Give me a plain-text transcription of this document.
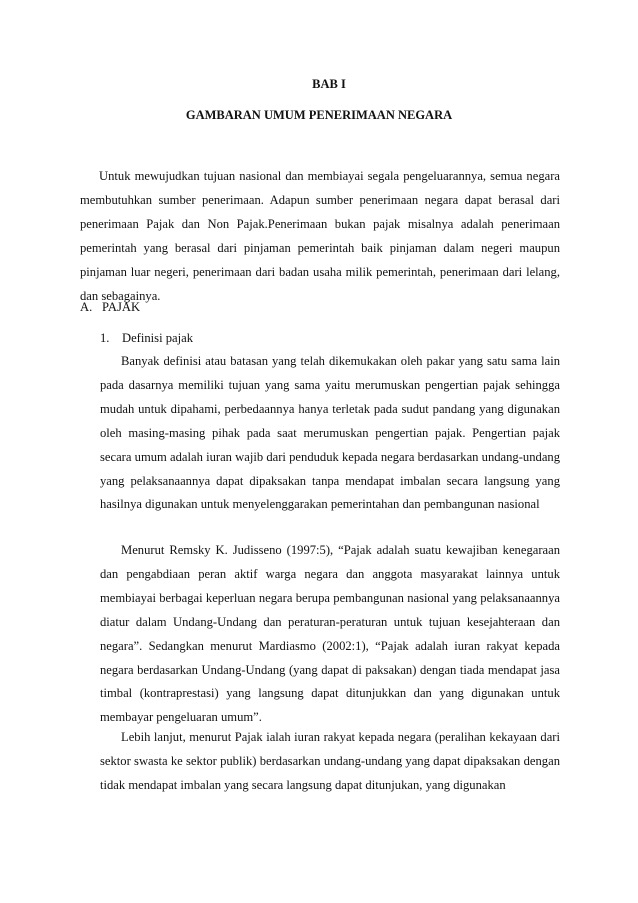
BAB I
GAMBARAN UMUM PENERIMAAN NEGARA

Untuk mewujudkan tujuan nasional dan membiayai segala pengeluarannya, semua negara membutuhkan sumber penerimaan. Adapun sumber penerimaan negara dapat berasal dari penerimaan Pajak dan Non Pajak.Penerimaan bukan pajak misalnya adalah penerimaan pemerintah yang berasal dari pinjaman pemerintah baik pinjaman dalam negeri maupun pinjaman luar negeri, penerimaan dari badan usaha milik pemerintah, penerimaan dari lelang, dan sebagainya.

A. PAJAK
1. Definisi pajak

Banyak definisi atau batasan yang telah dikemukakan oleh pakar yang satu sama lain pada dasarnya memiliki tujuan yang sama yaitu merumuskan pengertian pajak sehingga mudah untuk dipahami, perbedaannya hanya terletak pada sudut pandang yang digunakan oleh masing-masing pihak pada saat merumuskan pengertian pajak. Pengertian pajak secara umum adalah iuran wajib dari penduduk kepada negara berdasarkan undang-undang yang pelaksanaannya dapat dipaksakan tanpa mendapat imbalan secara langsung yang hasilnya digunakan untuk menyelenggarakan pemerintahan dan pembangunan nasional

Menurut Remsky K. Judisseno (1997:5), “Pajak adalah suatu kewajiban kenegaraan dan pengabdiaan peran aktif warga negara dan anggota masyarakat lainnya untuk membiayai berbagai keperluan negara berupa pembangunan nasional yang pelaksanaannya diatur dalam Undang-Undang dan peraturan-peraturan untuk tujuan kesejahteraan dan negara”. Sedangkan menurut Mardiasmo (2002:1), “Pajak adalah iuran rakyat kepada negara berdasarkan Undang-Undang (yang dapat di paksakan) dengan tiada mendapat jasa timbal (kontraprestasi) yang langsung dapat ditunjukkan dan yang digunakan untuk membayar pengeluaran umum”.

Lebih lanjut, menurut Pajak ialah iuran rakyat kepada negara (peralihan kekayaan dari sektor swasta ke sektor publik) berdasarkan undang-undang yang dapat dipaksakan dengan tidak mendapat imbalan yang secara langsung dapat ditunjukan, yang digunakan
